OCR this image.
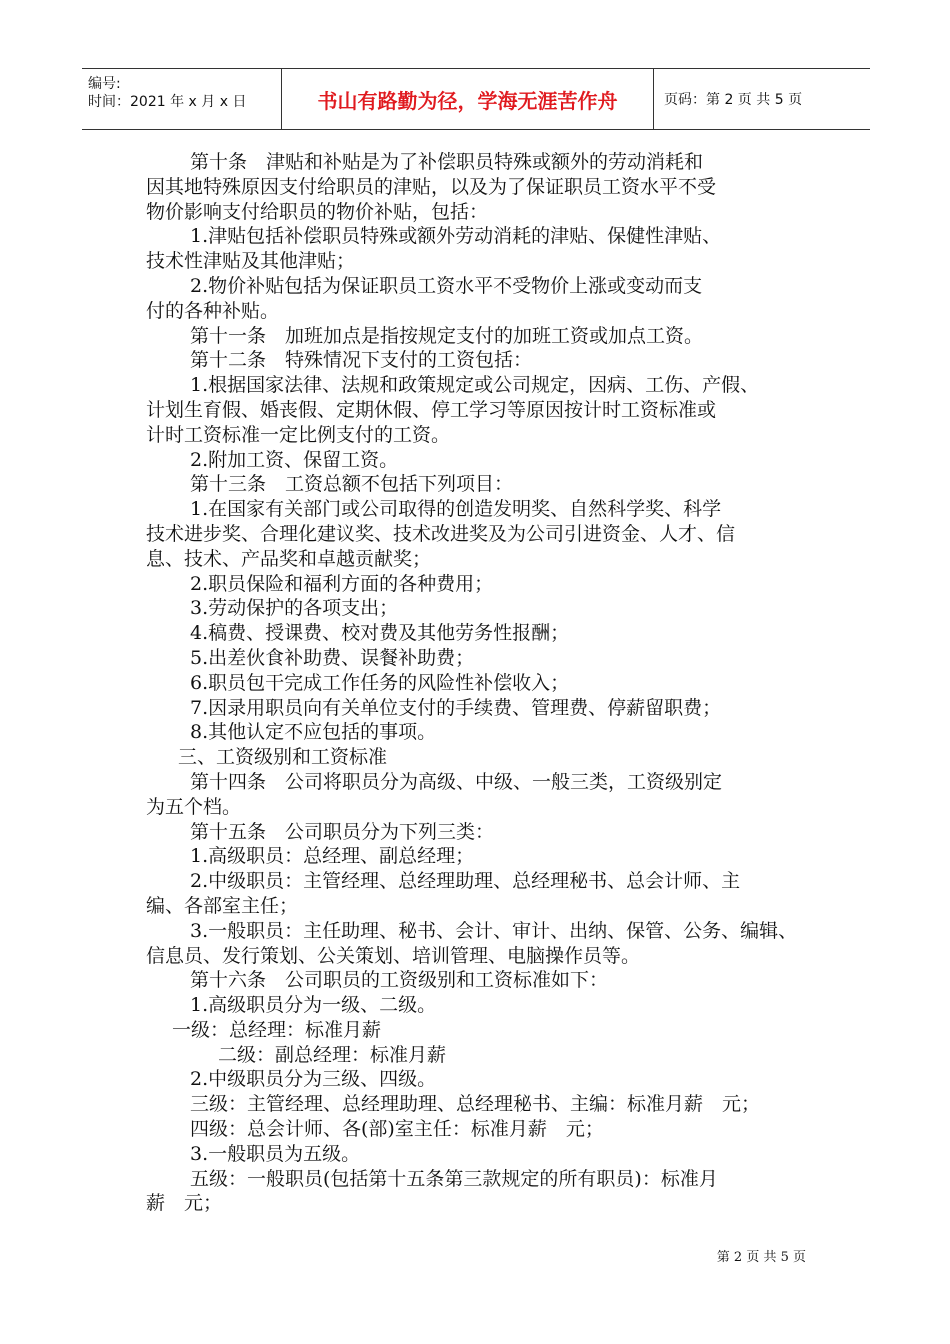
编号:
时间：2021 年 x 月 x 日	书山有路勤为径，学海无涯苦作舟	页码：第 2 页 共 5 页
第十条　津贴和补贴是为了补偿职员特殊或额外的劳动消耗和
因其地特殊原因支付给职员的津贴，以及为了保证职员工资水平不受
物价影响支付给职员的物价补贴，包括：
1.津贴包括补偿职员特殊或额外劳动消耗的津贴、保健性津贴、
技术性津贴及其他津贴；
2.物价补贴包括为保证职员工资水平不受物价上涨或变动而支
付的各种补贴。
第十一条　加班加点是指按规定支付的加班工资或加点工资。
第十二条　特殊情况下支付的工资包括：
1.根据国家法律、法规和政策规定或公司规定，因病、工伤、产假、
计划生育假、婚丧假、定期休假、停工学习等原因按计时工资标准或
计时工资标准一定比例支付的工资。
2.附加工资、保留工资。
第十三条　工资总额不包括下列项目：
1.在国家有关部门或公司取得的创造发明奖、自然科学奖、科学
技术进步奖、合理化建议奖、技术改进奖及为公司引进资金、人才、信
息、技术、产品奖和卓越贡献奖；
2.职员保险和福利方面的各种费用；
3.劳动保护的各项支出；
4.稿费、授课费、校对费及其他劳务性报酬；
5.出差伙食补助费、误餐补助费；
6.职员包干完成工作任务的风险性补偿收入；
7.因录用职员向有关单位支付的手续费、管理费、停薪留职费；
8.其他认定不应包括的事项。
三、工资级别和工资标准
第十四条　公司将职员分为高级、中级、一般三类，工资级别定
为五个档。
第十五条　公司职员分为下列三类：
1.高级职员：总经理、副总经理；
2.中级职员：主管经理、总经理助理、总经理秘书、总会计师、主
编、各部室主任；
3.一般职员：主任助理、秘书、会计、审计、出纳、保管、公务、编辑、
信息员、发行策划、公关策划、培训管理、电脑操作员等。
第十六条　公司职员的工资级别和工资标准如下：
1.高级职员分为一级、二级。
一级：总经理：标准月薪
二级：副总经理：标准月薪
2.中级职员分为三级、四级。
三级：主管经理、总经理助理、总经理秘书、主编：标准月薪　元；
四级：总会计师、各(部)室主任：标准月薪　元；
3.一般职员为五级。
五级：一般职员(包括第十五条第三款规定的所有职员)：标准月
薪　元；
第 2 页 共 5 页
